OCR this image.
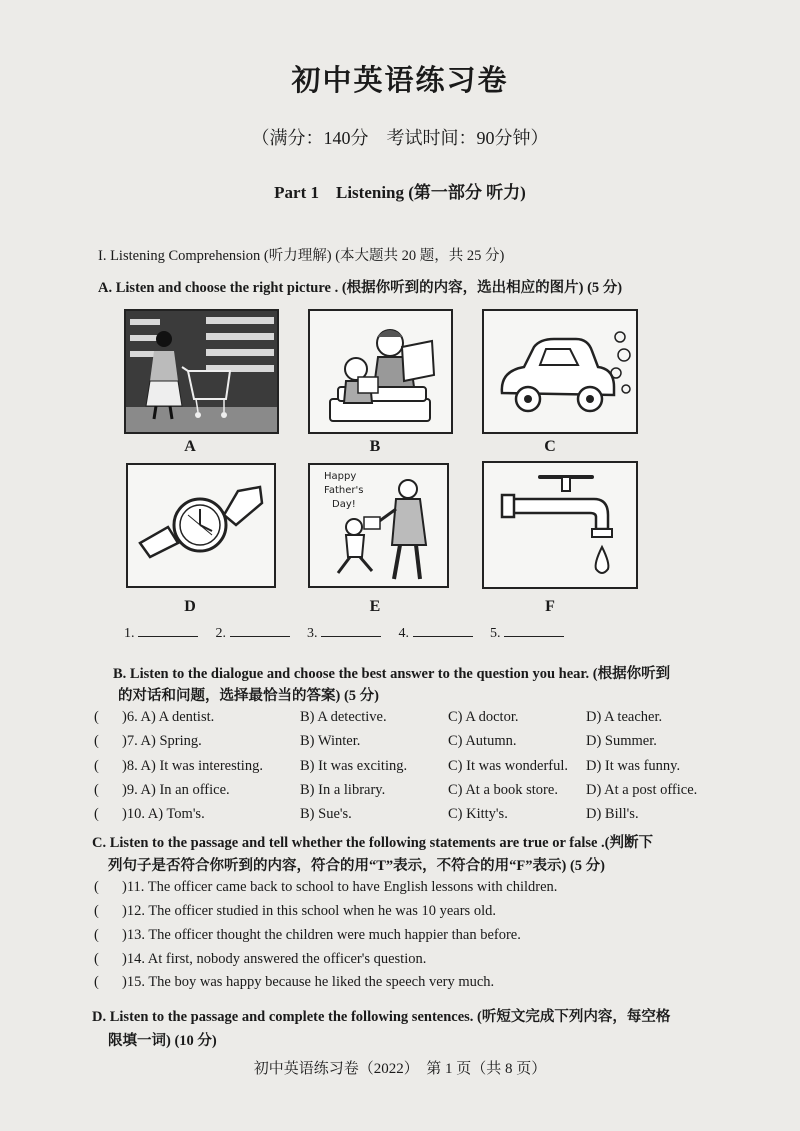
初中英语练习卷
（满分：140分　考试时间：90分钟）
Part 1　Listening (第一部分 听力)
I. Listening Comprehension (听力理解) (本大题共 20 题，共 25 分)
A. Listen and choose the right picture . (根据你听到的内容，选出相应的图片) (5 分)
A	B	C
D
Happy
Father's
Day!
E	F
1.	2.	3.	4.	5.
B. Listen to the dialogue and choose the best answer to the question you hear. (根据你听到
的对话和问题，选择最恰当的答案) (5 分)
( )6. A) A dentist.	B) A detective.	C) A doctor.	D) A teacher.
( )7. A) Spring.	B) Winter.	C) Autumn.	D) Summer.
( )8. A) It was interesting.	B) It was exciting.	C) It was wonderful. D) It was funny.
( )9. A) In an office.	B) In a library.	C) At a book store. D) At a post office.
( )10. A) Tom's.	B) Sue's.	C) Kitty's.	D) Bill's.
C. Listen to the passage and tell whether the following statements are true or false .(判断下
列句子是否符合你听到的内容，符合的用“T”表示，不符合的用“F”表示) (5 分)
( )11. The officer came back to school to have English lessons with children.
( )12. The officer studied in this school when he was 10 years old.
( )13. The officer thought the children were much happier than before.
( )14. At first, nobody answered the officer's question.
( )15. The boy was happy because he liked the speech very much.
D. Listen to the passage and complete the following sentences. (听短文完成下列内容，每空格
限填一词) (10 分)
初中英语练习卷（2022）　第 1 页（共 8 页）
